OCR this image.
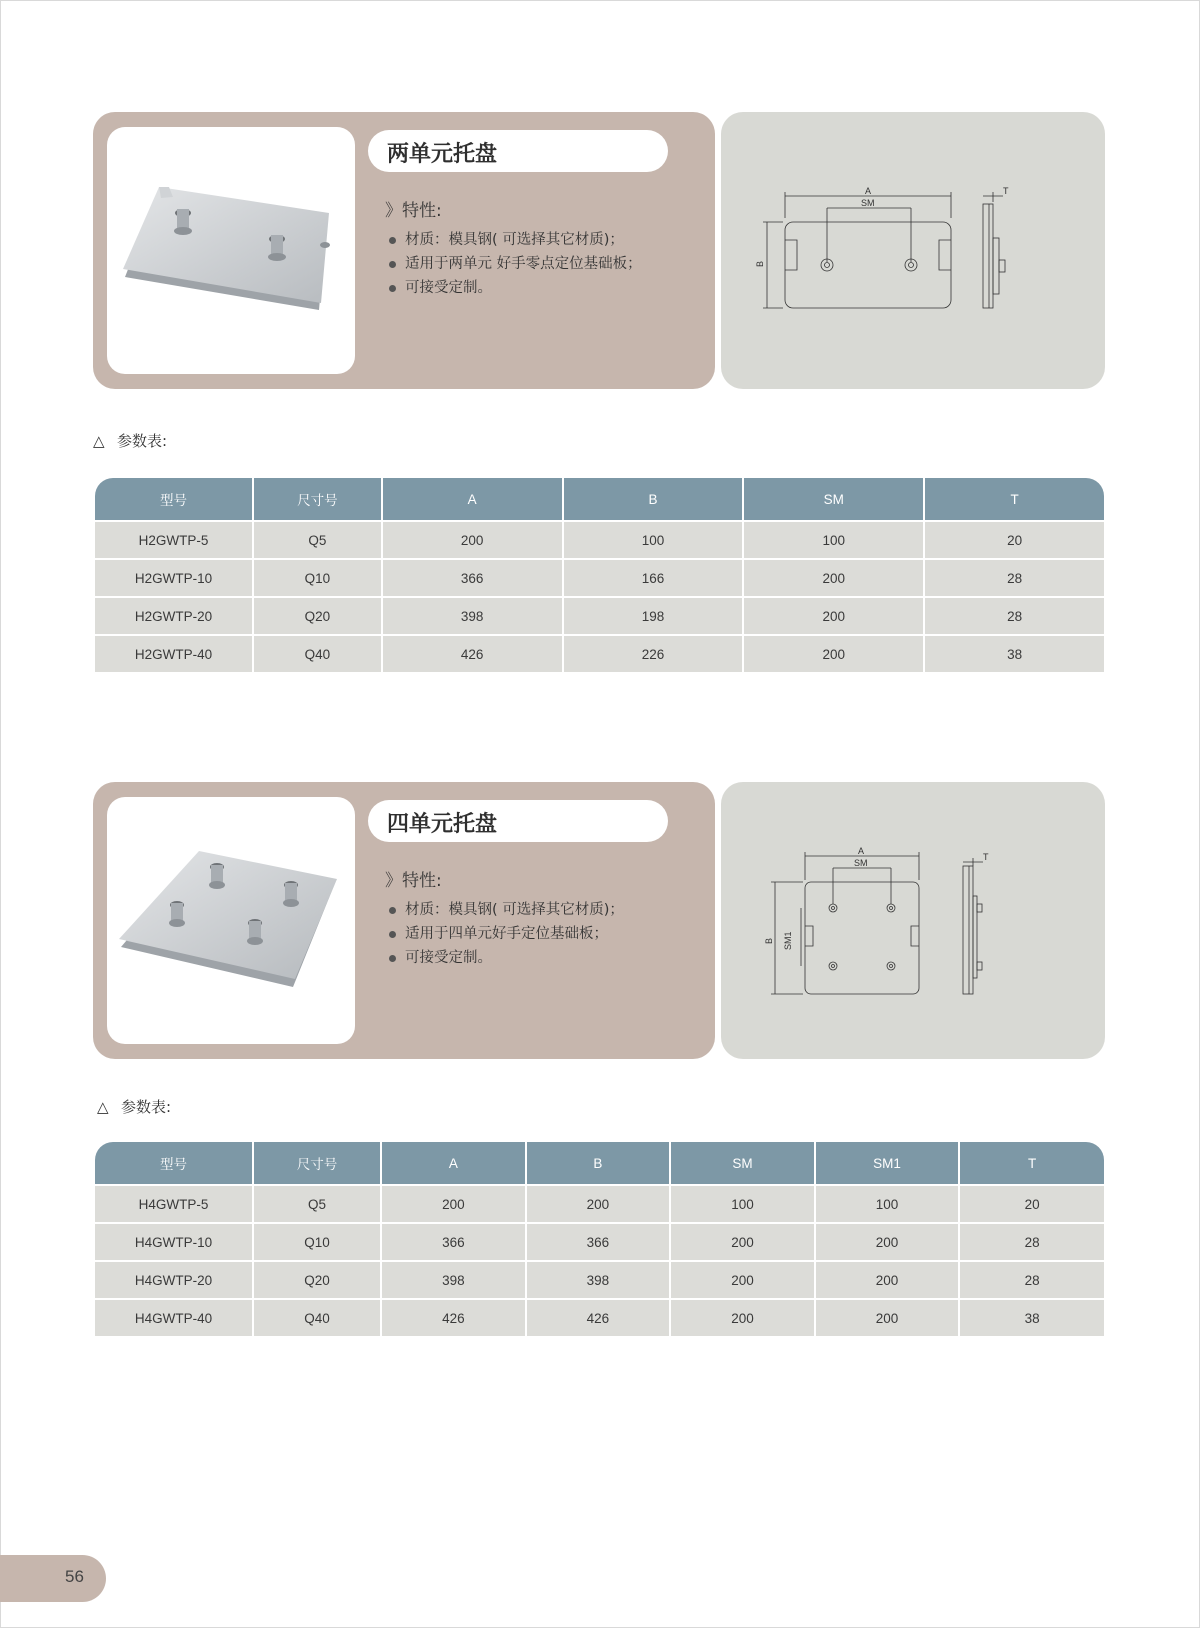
两单元托盘
》特性:
材质：模具钢( 可选择其它材质)；
适用于两单元 好手零点定位基础板；
可接受定制。
A
SM
B
T
△ 参数表:
型号	尺寸号	A	B	SM	T
H2GWTP-5	Q5	200	100	100	20
H2GWTP-10	Q10	366	166	200	28
H2GWTP-20	Q20	398	198	200	28
H2GWTP-40	Q40	426	226	200	38
四单元托盘
》特性:
材质：模具钢( 可选择其它材质)；
适用于四单元好手定位基础板；
可接受定制。
A
SM
B SM1
T
△ 参数表:
型号	尺寸号	A	B	SM	SM1	T
H4GWTP-5	Q5	200	200	100	100	20
H4GWTP-10	Q10	366	366	200	200	28
H4GWTP-20	Q20	398	398	200	200	28
H4GWTP-40	Q40	426	426	200	200	38
56
